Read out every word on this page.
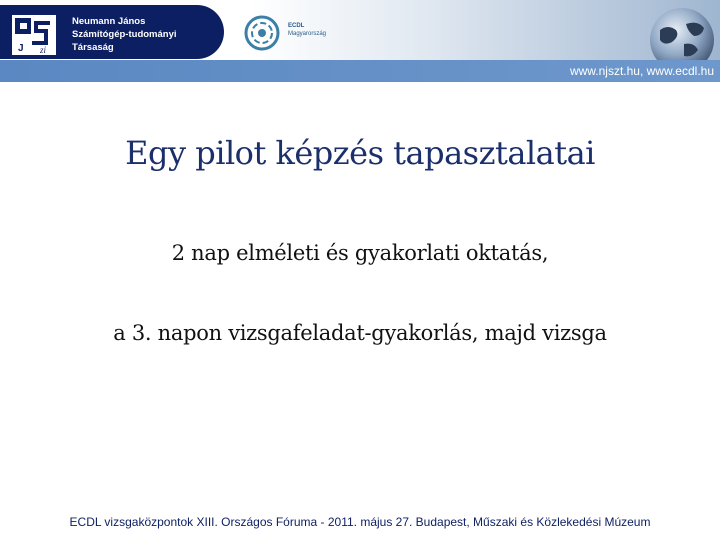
J zi
Neumann János
Számítógép-tudományi
Társaság
ECDL
Magyarország
www.njszt.hu, www.ecdl.hu
Egy pilot képzés tapasztalatai
2 nap elméleti és gyakorlati oktatás,
a 3. napon vizsgafeladat-gyakorlás, majd vizsga
ECDL vizsgaközpontok XIII. Országos Fóruma - 2011. május 27. Budapest, Műszaki és Közlekedési Múzeum
